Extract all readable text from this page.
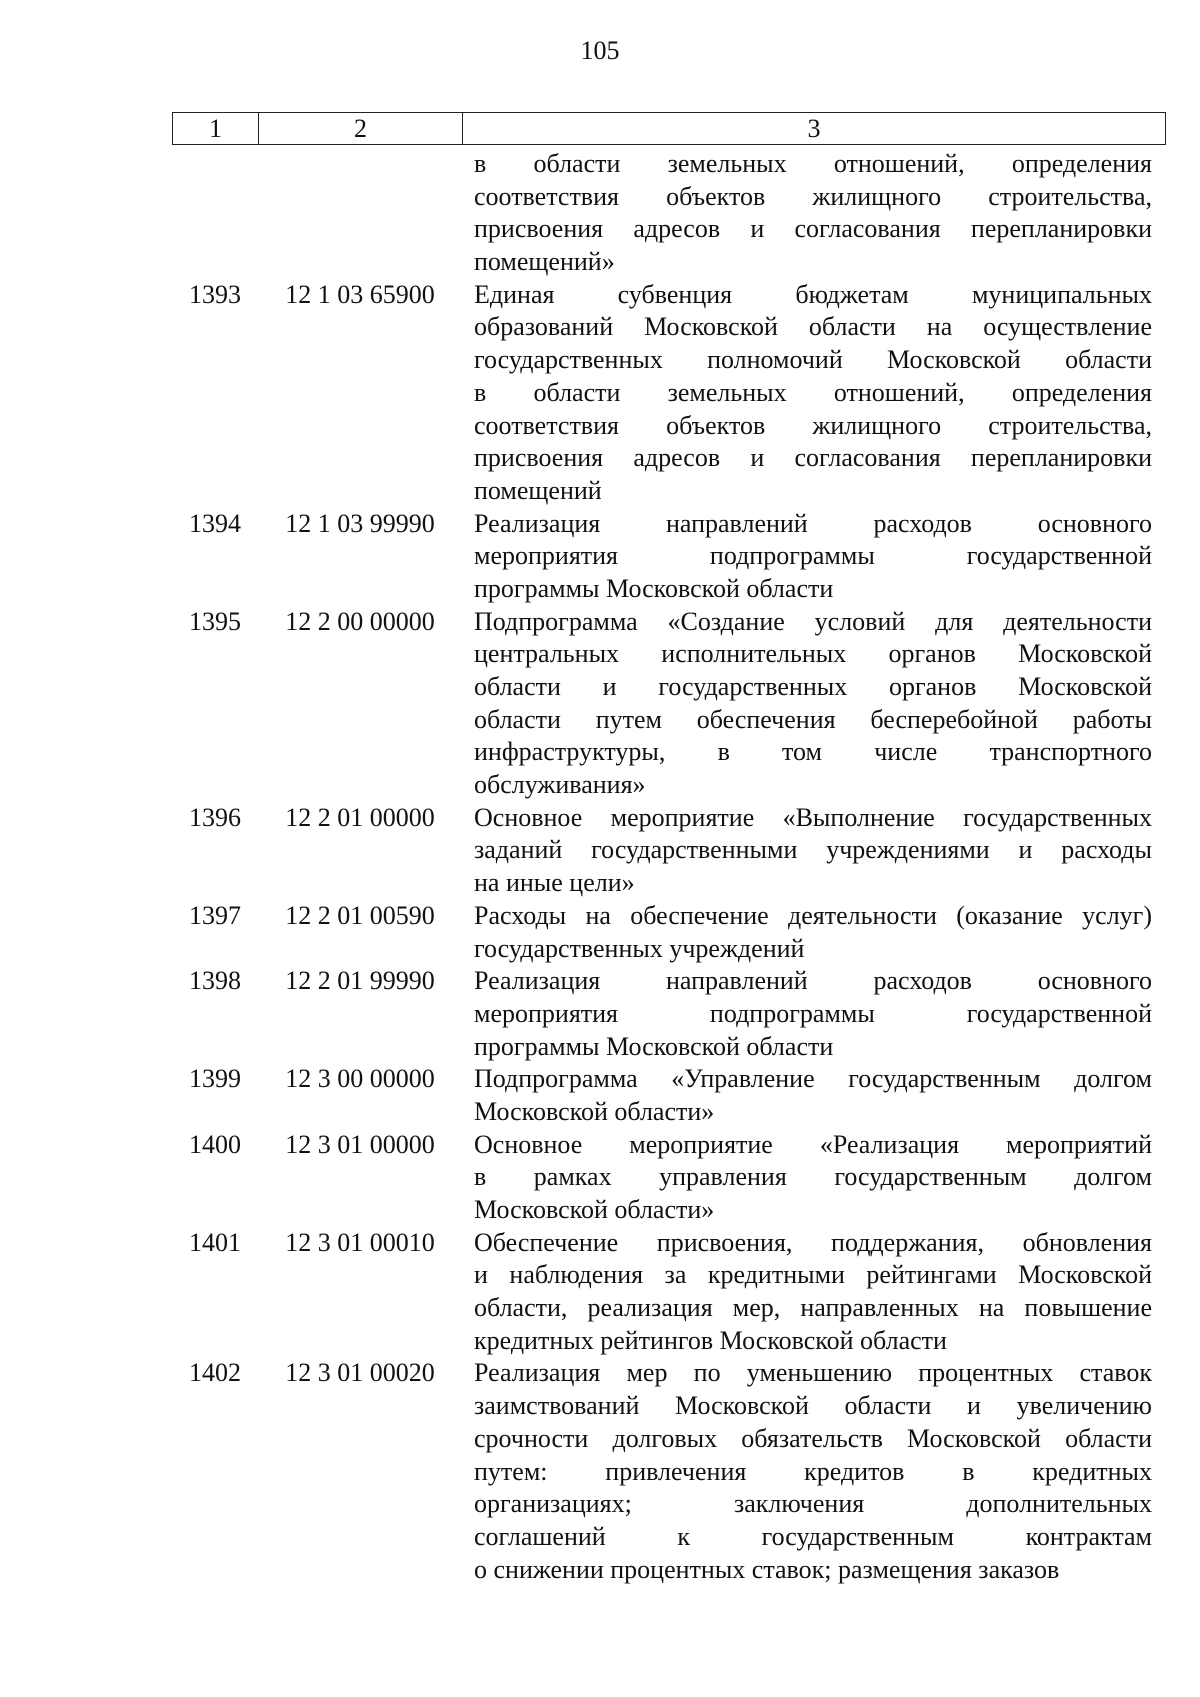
105
1	2	3
в области земельных отношений, определения
соответствия объектов жилищного строительства,
присвоения адресов и согласования перепланировки
помещений»
1393	12 1 03 65900	Единая субвенция бюджетам муниципальных
образований Московской области на осуществление
государственных полномочий Московской области
в области земельных отношений, определения
соответствия объектов жилищного строительства,
присвоения адресов и согласования перепланировки
помещений
1394	12 1 03 99990	Реализация направлений расходов основного
мероприятия подпрограммы государственной
программы Московской области
1395	12 2 00 00000	Подпрограмма «Создание условий для деятельности
центральных исполнительных органов Московской
области и государственных органов Московской
области путем обеспечения бесперебойной работы
инфраструктуры, в том числе транспортного
обслуживания»
1396	12 2 01 00000	Основное мероприятие «Выполнение государственных
заданий государственными учреждениями и расходы
на иные цели»
1397	12 2 01 00590	Расходы на обеспечение деятельности (оказание услуг)
государственных учреждений
1398	12 2 01 99990	Реализация направлений расходов основного
мероприятия подпрограммы государственной
программы Московской области
1399	12 3 00 00000	Подпрограмма «Управление государственным долгом
Московской области»
1400	12 3 01 00000	Основное мероприятие «Реализация мероприятий
в рамках управления государственным долгом
Московской области»
1401	12 3 01 00010	Обеспечение присвоения, поддержания, обновления
и наблюдения за кредитными рейтингами Московской
области, реализация мер, направленных на повышение
кредитных рейтингов Московской области
1402	12 3 01 00020	Реализация мер по уменьшению процентных ставок
заимствований Московской области и увеличению
срочности долговых обязательств Московской области
путем: привлечения кредитов в кредитных
организациях; заключения дополнительных
соглашений к государственным контрактам
о снижении процентных ставок; размещения заказов
